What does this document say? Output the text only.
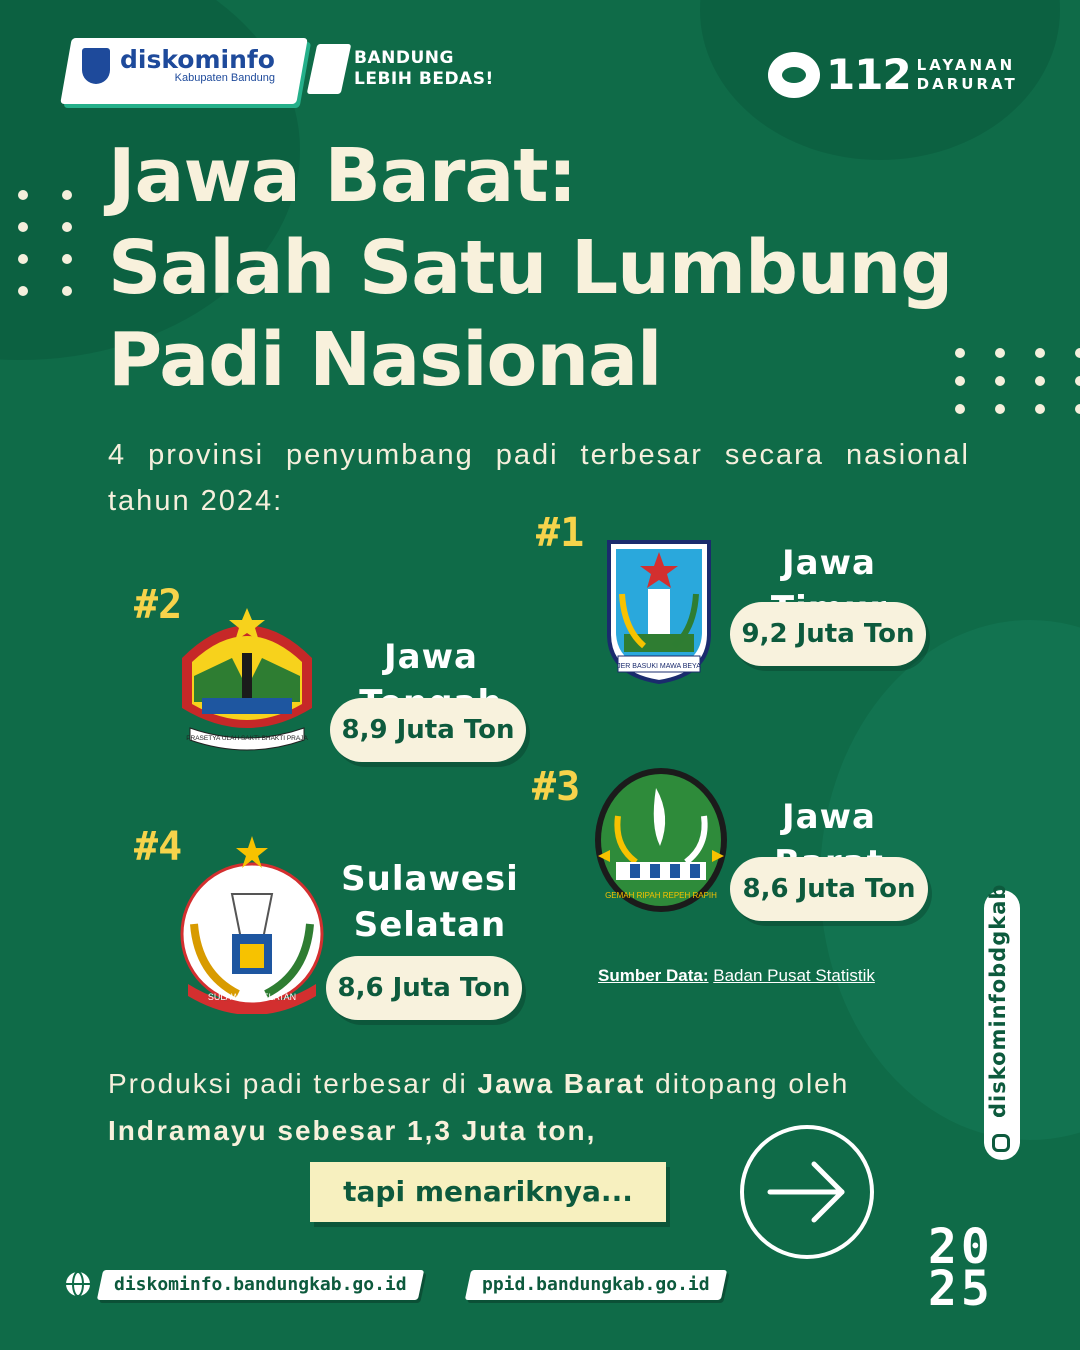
diskominfo
Kabupaten Bandung
BANDUNG
LEBIH BEDAS!	112 LAYANAN
DARURAT
Jawa Barat:
Salah Satu Lumbung
Padi Nasional

4 provinsi penyumbang padi terbesar secara nasional tahun 2024:

#1
JER BASUKI MAWA BEYA
Jawa
9,2 Juta Ton
#2
PRASETYA ULAH SAKTI BHAKTI PRAJA
Jawa
8,9 Juta Ton
#3
GEMAH RIPAH REPEH RAPIH
Jawa
8,6 Juta Ton
#4
SULAWESI SELATAN
Sulawesi
Selatan
8,6 Juta Ton	Sumber Data: Badan Pusat Statistik

Produksi padi terbesar di Jawa Barat ditopang oleh
Indramayu sebesar 1,3 Juta ton,

tapi menariknya...
diskominfobdgkab
diskominfo.bandungkab.go.id	ppid.bandungkab.go.id
20
25
